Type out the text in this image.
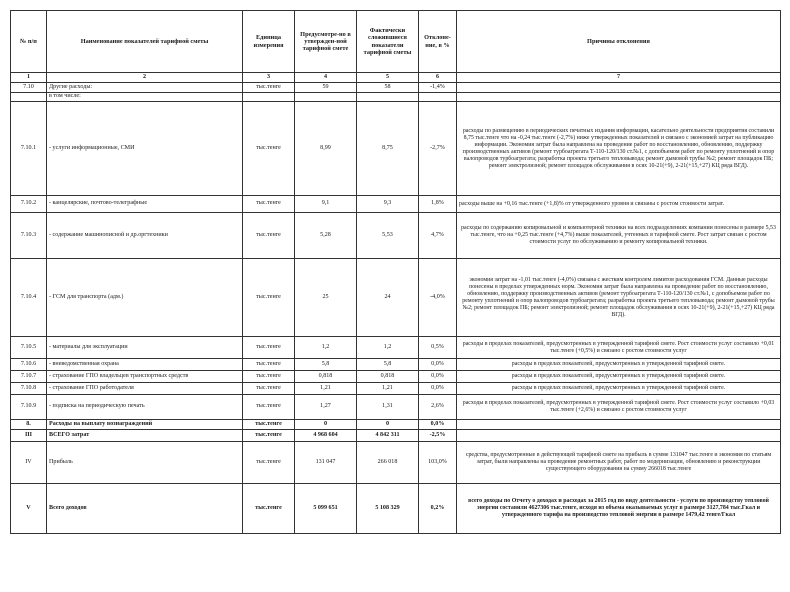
№ п/п	Наименование показателей тарифной сметы	Единица измерения	Предусмотре-но в утвержден-ной тарифной смете	Фактически сложившиеся показатели тарифной сметы	Отклоне-ние, в %	Причины отклонения
1	2	3	4	5	6	7
7.10	Другие расходы:	тыс.тенге	59	58	-1,4%	
	в том числе:					
7.10.1	- услуги информационные, СМИ	тыс.тенге	8,99	8,75	-2,7%	расходы по размещению в периодических печатных издания информации, касательно деятельности предприятия составили 8,75 тыс.тенге что на -0,24 тыс.тенге (-2,7%) ниже утвержденных показателей и связано с экономией затрат на публикацию информации. Экономия затрат была направлена на проведение работ по восстановлению, обновлению, поддержку производственных активов (ремонт турбоагрегата Т-110-120/130 ст.№1, с допобъемом работ по ремонту уплотнений и опор валопроводов турбоагрегата; разработка проекта третьего тепловывода; ремонт дымовой трубы №2; ремонт площадок ПБ; ремонт электролизной; ремонт площадок обслуживания в осях 10-21(+9), 2-21(+15,+27) КЦ ряда ВГД).
7.10.2	- канцелярские, почтово-телеграфные	тыс.тенге	9,1	9,3	1,8%	расходы выше на +0,16 тыс.тенге (+1,8)% от утвержденного уровня и связаны с ростом стоимости затрат.
7.10.3	- содержание машинописной и др.оргтехники	тыс.тенге	5,28	5,53	4,7%	расходы по содержанию копировальной и компьютерной техники на всех подразделениях компании понесены в размере 5,53 тыс.тенге, что на +0,25 тыс.тенге (+4,7%) выше показателей, учтенных в тарифной смете. Рост затрат связан с ростом стоимости услуг по обслуживанию и ремонту копировальной техники.
7.10.4	- ГСМ для транспорта (адм.)	тыс.тенге	25	24	-4,0%	экономия затрат на -1,01 тыс.тенге (-4,0%) связана с жестким контролем лимитов расходования ГСМ. Данные расходы понесены в пределах утвержденных норм. Экономия затрат была направлена на проведение работ по восстановлению, обновлению, поддержку производственных активов (ремонт турбоагрегата Т-110-120/130 ст.№1, с допобъемом работ по ремонту уплотнений и опор валопроводов турбоагрегата; разработка проекта третьего тепловывода; ремонт дымовой трубы №2; ремонт площадок ПБ; ремонт электролизной; ремонт площадок обслуживания в осях 10-21(+9), 2-21(+15,+27) КЦ ряда ВГД).
7.10.5	- материалы для эксплуатации	тыс.тенге	1,2	1,2	0,5%	расходы в пределах показателей, предусмотренных в утвержденной тарифной смете. Рост стоимости услуг составило +0,01 тыс.тенге (+0,5%) и связано с ростом стоимости услуг
7.10.6	- вневедомственная охрана	тыс.тенге	5,8	5,8	0,0%	расходы в пределах показателей, предусмотренных в утвержденной тарифной смете.
7.10.7	- страхование ГПО владельцев транспортных средств	тыс.тенге	0,818	0,818	0,0%	расходы в пределах показателей, предусмотренных в утвержденной тарифной смете.
7.10.8	- страхование ГПО работодателя	тыс.тенге	1,21	1,21	0,0%	расходы в пределах показателей, предусмотренных в утвержденной тарифной смете.
7.10.9	- подписка на периодическую печать	тыс.тенге	1,27	1,31	2,6%	расходы в пределах показателей, предусмотренных в утвержденной тарифной смете. Рост стоимости услуг составило +0,03 тыс.тенге (+2,6%) и связано с ростом стоимости услуг
8.	Расходы на выплату вознаграждений	тыс.тенге	0	0	0,0%	
III	ВСЕГО затрат	тыс.тенге	4 968 604	4 842 311	-2,5%	
IV	Прибыль	тыс.тенге	131 047	266 018	103,0%	средства, предусмотренные в действующей тарифной смете на прибыль в сумме 131047 тыс.тенге и экономия по статьям затрат, были направлены на проведение ремонтных работ, работ по модернизации, обновлению и реконструкции существующего оборудования на сумму 266018 тыс.тенге
V	Всего доходов	тыс.тенге	5 099 651	5 108 329	0,2%	всего доходы по Отчету о доходах и расходах за 2015 год по виду деятельности - услуги по производству тепловой энергии составили 4627306 тыс.тенге, исходя из объема оказываемых услуг в размере 3127,784 тыс.Гкал и утвержденного тарифа на производство тепловой энергии в размере 1479,42 тенге/Гкал
